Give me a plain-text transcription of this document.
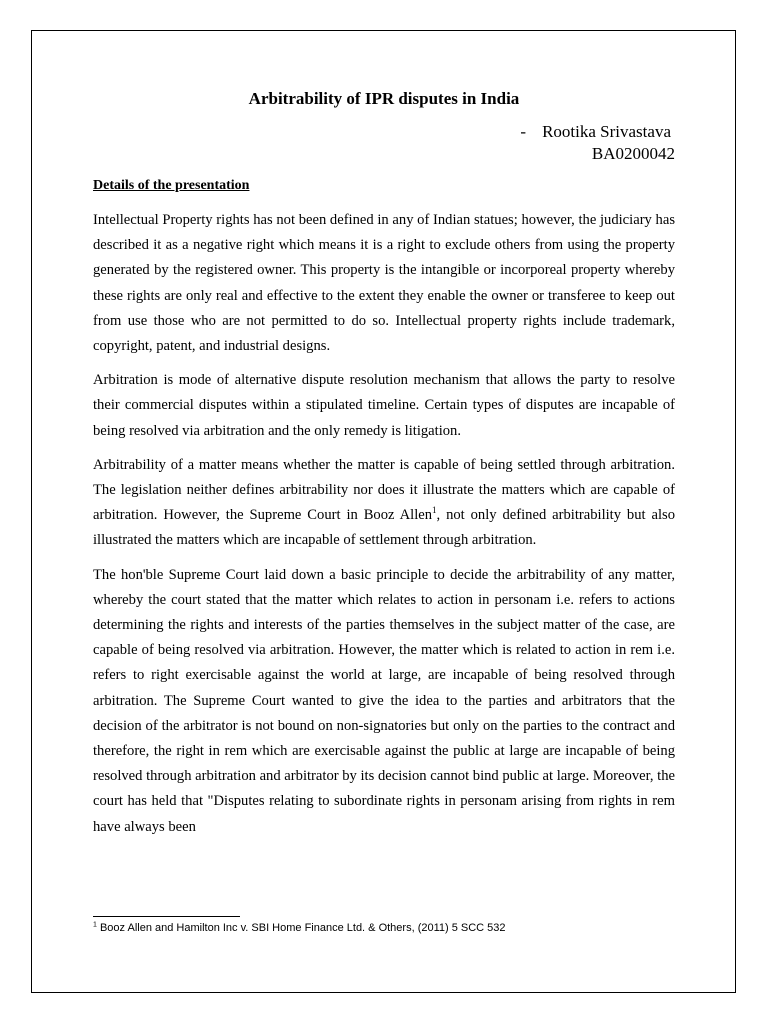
Arbitrability of IPR disputes in India
- Rootika Srivastava
BA0200042
Details of the presentation

Intellectual Property rights has not been defined in any of Indian statues; however, the judiciary has described it as a negative right which means it is a right to exclude others from using the property generated by the registered owner. This property is the intangible or incorporeal property whereby these rights are only real and effective to the extent they enable the owner or transferee to keep out from use those who are not permitted to do so. Intellectual property rights include trademark, copyright, patent, and industrial designs.

Arbitration is mode of alternative dispute resolution mechanism that allows the party to resolve their commercial disputes within a stipulated timeline. Certain types of disputes are incapable of being resolved via arbitration and the only remedy is litigation.

Arbitrability of a matter means whether the matter is capable of being settled through arbitration. The legislation neither defines arbitrability nor does it illustrate the matters which are capable of arbitration. However, the Supreme Court in Booz Allen$^1$, not only defined arbitrability but also illustrated the matters which are incapable of settlement through arbitration.

The hon'ble Supreme Court laid down a basic principle to decide the arbitrability of any matter, whereby the court stated that the matter which relates to action in personam i.e. refers to actions determining the rights and interests of the parties themselves in the subject matter of the case, are capable of being resolved via arbitration. However, the matter which is related to action in rem i.e. refers to right exercisable against the world at large, are incapable of being resolved through arbitration. The Supreme Court wanted to give the idea to the parties and arbitrators that the decision of the arbitrator is not bound on non-signatories but only on the parties to the contract and therefore, the right in rem which are exercisable against the public at large are incapable of being resolved through arbitration and arbitrator by its decision cannot bind public at large. Moreover, the court has held that "Disputes relating to subordinate rights in personam arising from rights in rem have always been

$^1$ Booz Allen and Hamilton Inc v. SBI Home Finance Ltd. & Others, (2011) 5 SCC 532
